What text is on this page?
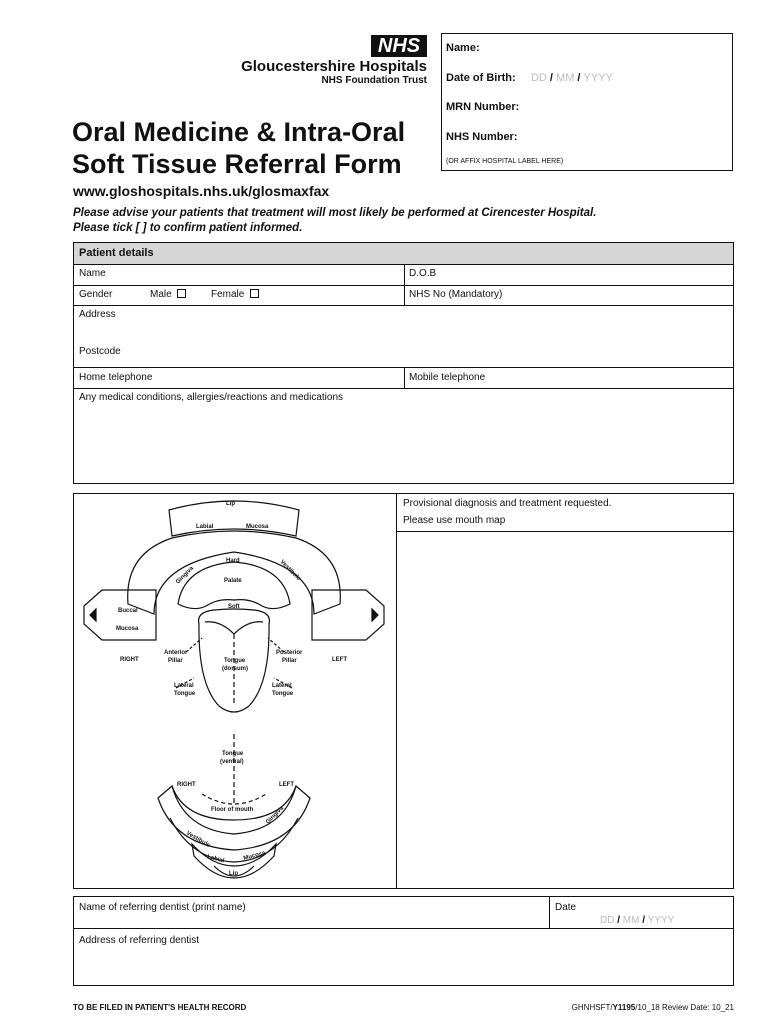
NHS
Gloucestershire Hospitals
NHS Foundation Trust
Oral Medicine & Intra-Oral
Soft Tissue Referral Form
www.gloshospitals.nhs.uk/glosmaxfax
Please advise your patients that treatment will most likely be performed at Cirencester Hospital.
Please tick [ ] to confirm patient informed.
Name:
Date of Birth: DD / MM / YYYY
MRN Number:
NHS Number:
(OR AFFIX HOSPITAL LABEL HERE)
Patient details
Name	D.O.B
Gender	Male	Female	NHS No (Mandatory)
Address
Postcode
Home telephone	Mobile telephone
Any medical conditions, allergies/reactions and medications
Lip
Labial	Mucosa
Hard
Palate
Soft
Gingiva	Vestibule
Buccal
Mucosa
RIGHT	LEFT
Anterior
Pillar
Posterior
Pillar
Tongue
(dorsum)
Lateral
Tongue
Lateral
Tongue
Tongue
(ventral)
RIGHT	LEFT
Floor of mouth Gingiva
Vestibule
Labial	Mucosa
Lip
Provisional diagnosis and treatment requested.
Please use mouth map
Name of referring dentist (print name)	Date
DD / MM / YYYY
Address of referring dentist
TO BE FILED IN PATIENT'S HEALTH RECORD	GHNHSFT/Y1195/10_18 Review Date: 10_21
